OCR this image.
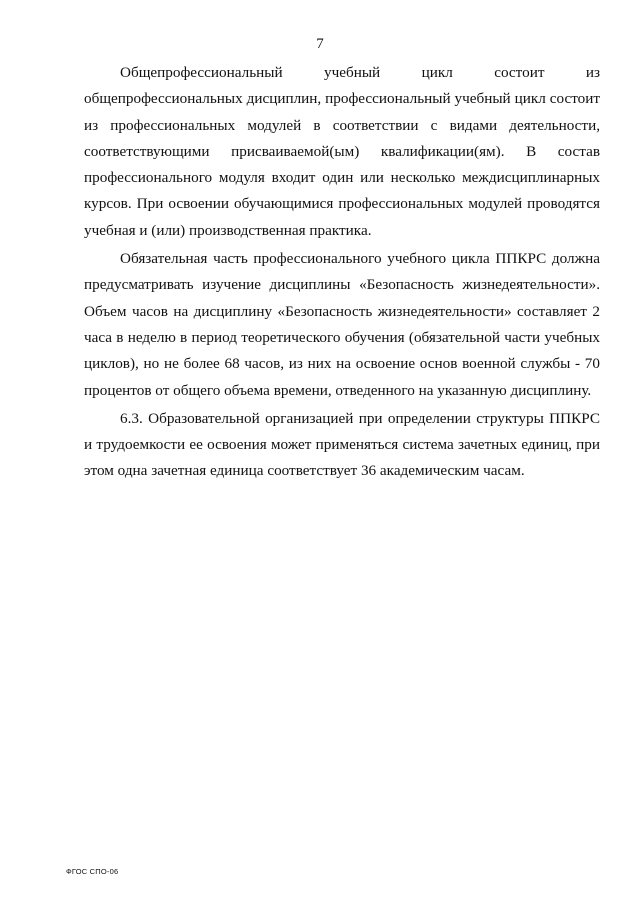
7

Общепрофессиональный учебный цикл состоит из общепрофессиональных дисциплин, профессиональный учебный цикл состоит из профессиональных модулей в соответствии с видами деятельности, соответствующими присваиваемой(ым) квалификации(ям). В состав профессионального модуля входит один или несколько междисциплинарных курсов. При освоении обучающимися профессиональных модулей проводятся учебная и (или) производственная практика.

Обязательная часть профессионального учебного цикла ППКРС должна предусматривать изучение дисциплины «Безопасность жизнедеятельности». Объем часов на дисциплину «Безопасность жизнедеятельности» составляет 2 часа в неделю в период теоретического обучения (обязательной части учебных циклов), но не более 68 часов, из них на освоение основ военной службы - 70 процентов от общего объема времени, отведенного на указанную дисциплину.

6.3. Образовательной организацией при определении структуры ППКРС и трудоемкости ее освоения может применяться система зачетных единиц, при этом одна зачетная единица соответствует 36 академическим часам.

ФГОС СПО-06
